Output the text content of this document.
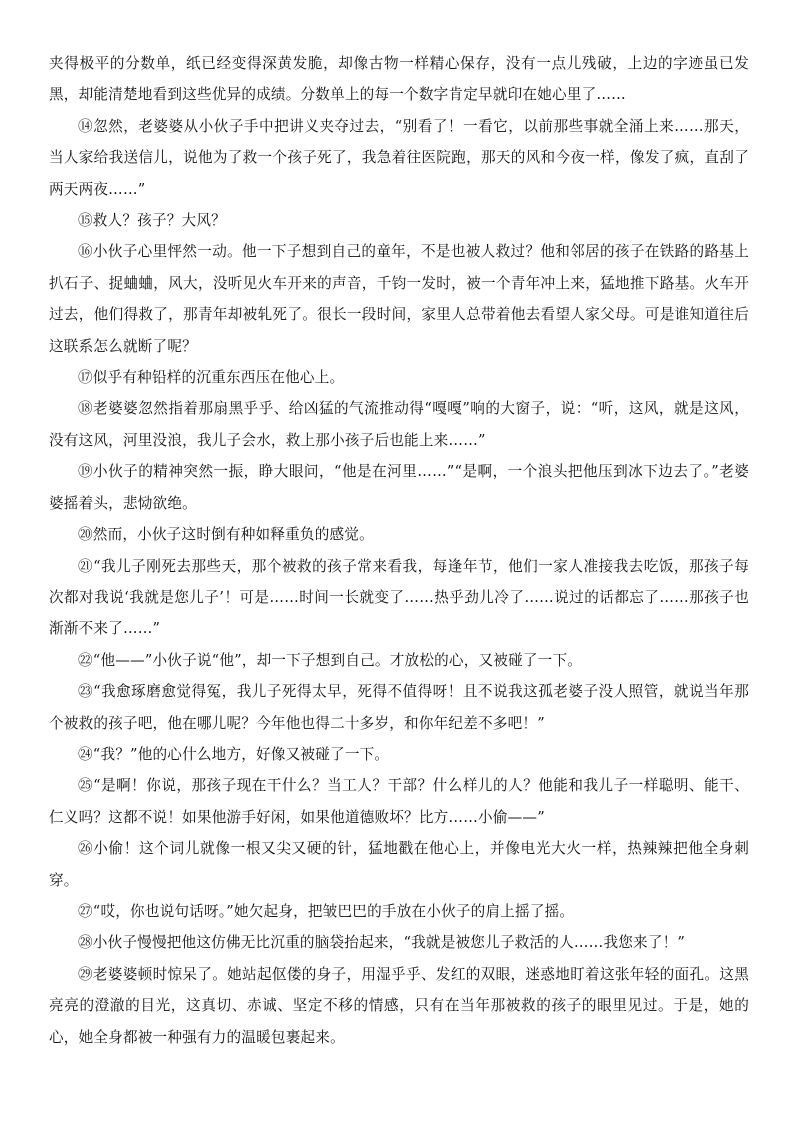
夹得极平的分数单，纸已经变得深黄发脆，却像古物一样精心保存，没有一点儿残破，上边的字迹虽已发黑，却能清楚地看到这些优异的成绩。分数单上的每一个数字肯定早就印在她心里了……

⑭忽然，老婆婆从小伙子手中把讲义夹夺过去，“别看了！一看它，以前那些事就全涌上来……那天，当人家给我送信儿，说他为了救一个孩子死了，我急着往医院跑，那天的风和今夜一样，像发了疯，直刮了两天两夜……”

⑮救人？孩子？大风？

⑯小伙子心里怦然一动。他一下子想到自己的童年，不是也被人救过？他和邻居的孩子在铁路的路基上扒石子、捉蛐蛐，风大，没听见火车开来的声音，千钧一发时，被一个青年冲上来，猛地推下路基。火车开过去，他们得救了，那青年却被轧死了。很长一段时间，家里人总带着他去看望人家父母。可是谁知道往后这联系怎么就断了呢？

⑰似乎有种铅样的沉重东西压在他心上。

⑱老婆婆忽然指着那扇黑乎乎、给凶猛的气流推动得“嘎嘎”响的大窗子，说：“听，这风，就是这风，没有这风，河里没浪，我儿子会水，救上那小孩子后也能上来……”

⑲小伙子的精神突然一振，睁大眼问，“他是在河里……”“是啊，一个浪头把他压到冰下边去了。”老婆婆摇着头，悲恸欲绝。

⑳然而，小伙子这时倒有种如释重负的感觉。

㉑“我儿子刚死去那些天，那个被救的孩子常来看我，每逢年节，他们一家人准接我去吃饭，那孩子每次都对我说‘我就是您儿子’！可是……时间一长就变了……热乎劲儿冷了……说过的话都忘了……那孩子也渐渐不来了……”

㉒“他——”小伙子说“他”，却一下子想到自己。才放松的心，又被碰了一下。

㉓“我愈琢磨愈觉得冤，我儿子死得太早，死得不值得呀！且不说我这孤老婆子没人照管，就说当年那个被救的孩子吧，他在哪儿呢？今年他也得二十多岁，和你年纪差不多吧！”

㉔“我？”他的心什么地方，好像又被碰了一下。

㉕“是啊！你说，那孩子现在干什么？当工人？干部？什么样儿的人？他能和我儿子一样聪明、能干、仁义吗？这都不说！如果他游手好闲，如果他道德败坏？比方……小偷——”

㉖小偷！这个词儿就像一根又尖又硬的针，猛地戳在他心上，并像电光大火一样，热辣辣把他全身刺穿。

㉗“哎，你也说句话呀。”她欠起身，把皱巴巴的手放在小伙子的肩上摇了摇。

㉘小伙子慢慢把他这仿佛无比沉重的脑袋抬起来，“我就是被您儿子救活的人……我您来了！”

㉙老婆婆顿时惊呆了。她站起伛偻的身子，用湿乎乎、发红的双眼，迷惑地盯着这张年轻的面孔。这黑亮亮的澄澈的目光，这真切、赤诚、坚定不移的情感，只有在当年那被救的孩子的眼里见过。于是，她的心，她全身都被一种强有力的温暖包裹起来。
